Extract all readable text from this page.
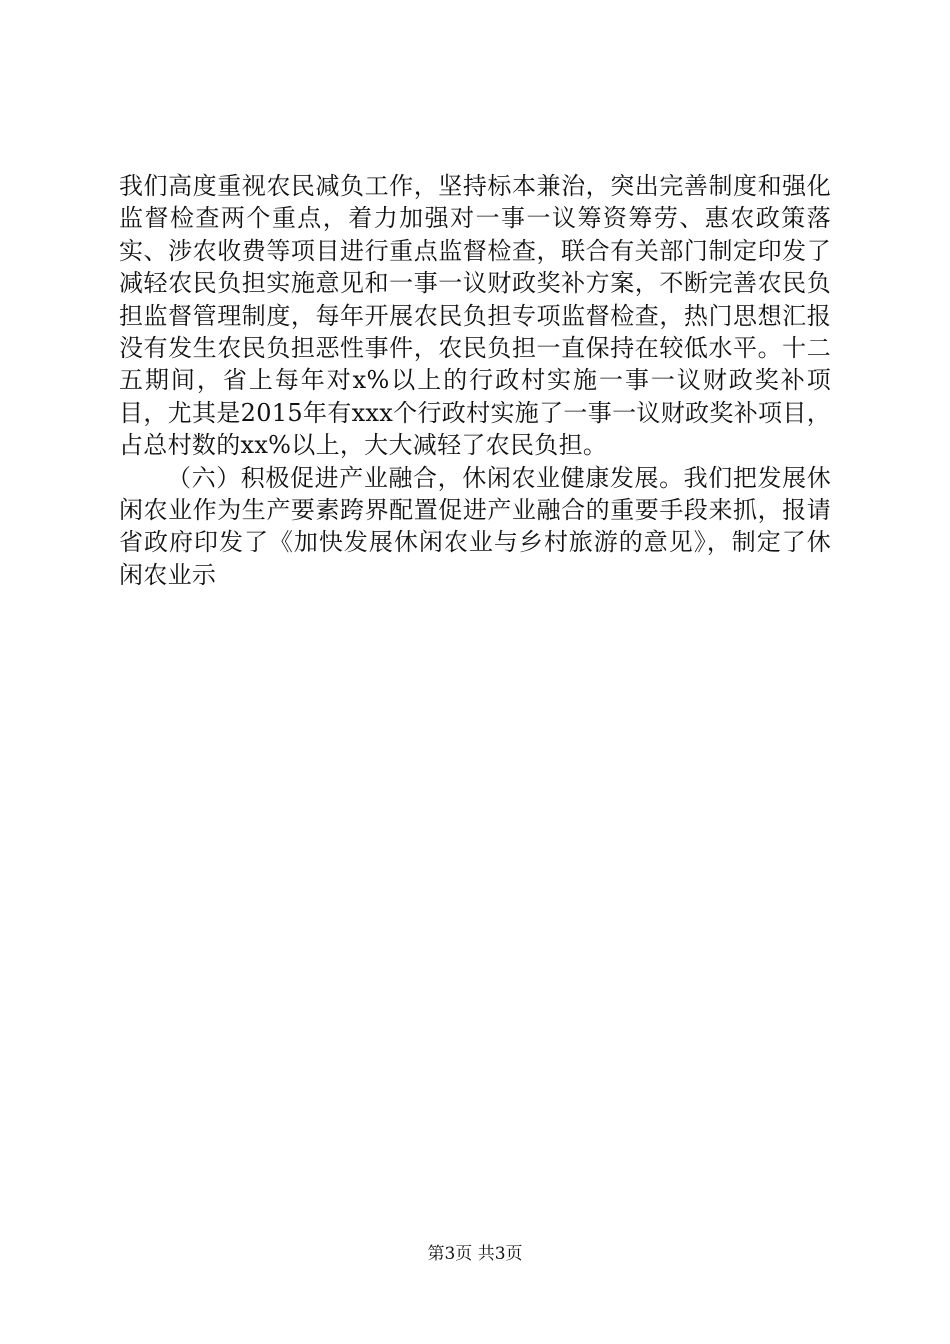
我们高度重视农民减负工作，坚持标本兼治，突出完善制度和强化监督检查两个重点，着力加强对一事一议筹资筹劳、惠农政策落实、涉农收费等项目进行重点监督检查，联合有关部门制定印发了减轻农民负担实施意见和一事一议财政奖补方案，不断完善农民负担监督管理制度，每年开展农民负担专项监督检查，热门思想汇报没有发生农民负担恶性事件，农民负担一直保持在较低水平。十二五期间，省上每年对x%以上的行政村实施一事一议财政奖补项目，尤其是2015年有xxx个行政村实施了一事一议财政奖补项目，占总村数的xx%以上，大大减轻了农民负担。

（六）积极促进产业融合，休闲农业健康发展。我们把发展休闲农业作为生产要素跨界配置促进产业融合的重要手段来抓，报请省政府印发了《加快发展休闲农业与乡村旅游的意见》，制定了休闲农业示

第3页 共3页
